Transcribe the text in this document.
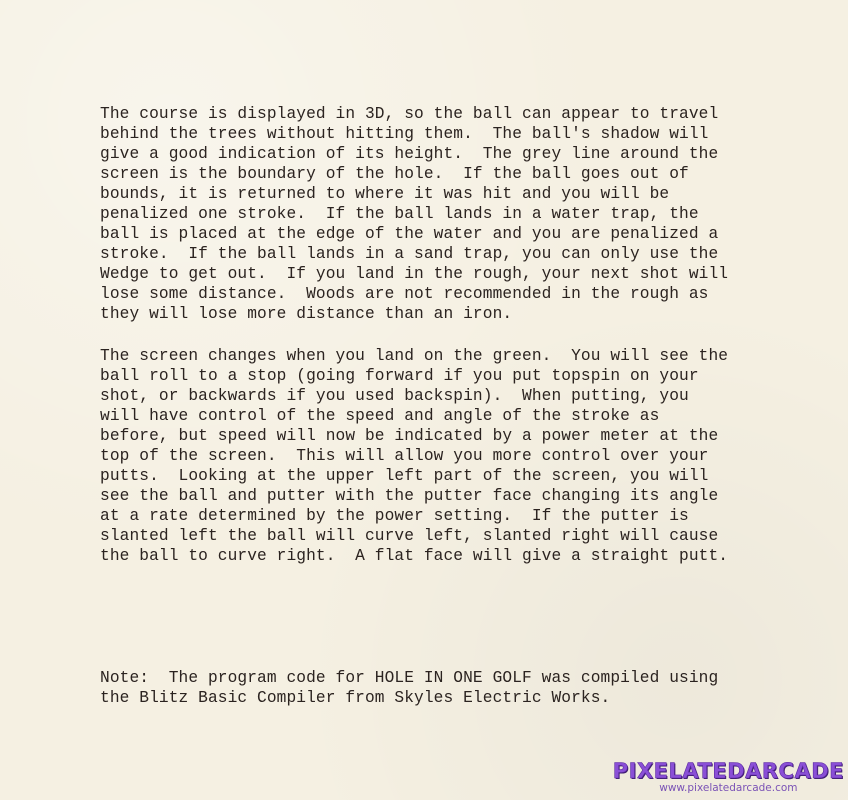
The course is displayed in 3D, so the ball can appear to travel
behind the trees without hitting them.  The ball's shadow will
give a good indication of its height.  The grey line around the
screen is the boundary of the hole.  If the ball goes out of
bounds, it is returned to where it was hit and you will be
penalized one stroke.  If the ball lands in a water trap, the
ball is placed at the edge of the water and you are penalized a
stroke.  If the ball lands in a sand trap, you can only use the
Wedge to get out.  If you land in the rough, your next shot will
lose some distance.  Woods are not recommended in the rough as
they will lose more distance than an iron.

The screen changes when you land on the green.  You will see the
ball roll to a stop (going forward if you put topspin on your
shot, or backwards if you used backspin).  When putting, you
will have control of the speed and angle of the stroke as
before, but speed will now be indicated by a power meter at the
top of the screen.  This will allow you more control over your
putts.  Looking at the upper left part of the screen, you will
see the ball and putter with the putter face changing its angle
at a rate determined by the power setting.  If the putter is
slanted left the ball will curve left, slanted right will cause
the ball to curve right.  A flat face will give a straight putt.

Note:  The program code for HOLE IN ONE GOLF was compiled using
the Blitz Basic Compiler from Skyles Electric Works.

PIXELATEDARCADE
www.pixelatedarcade.com
